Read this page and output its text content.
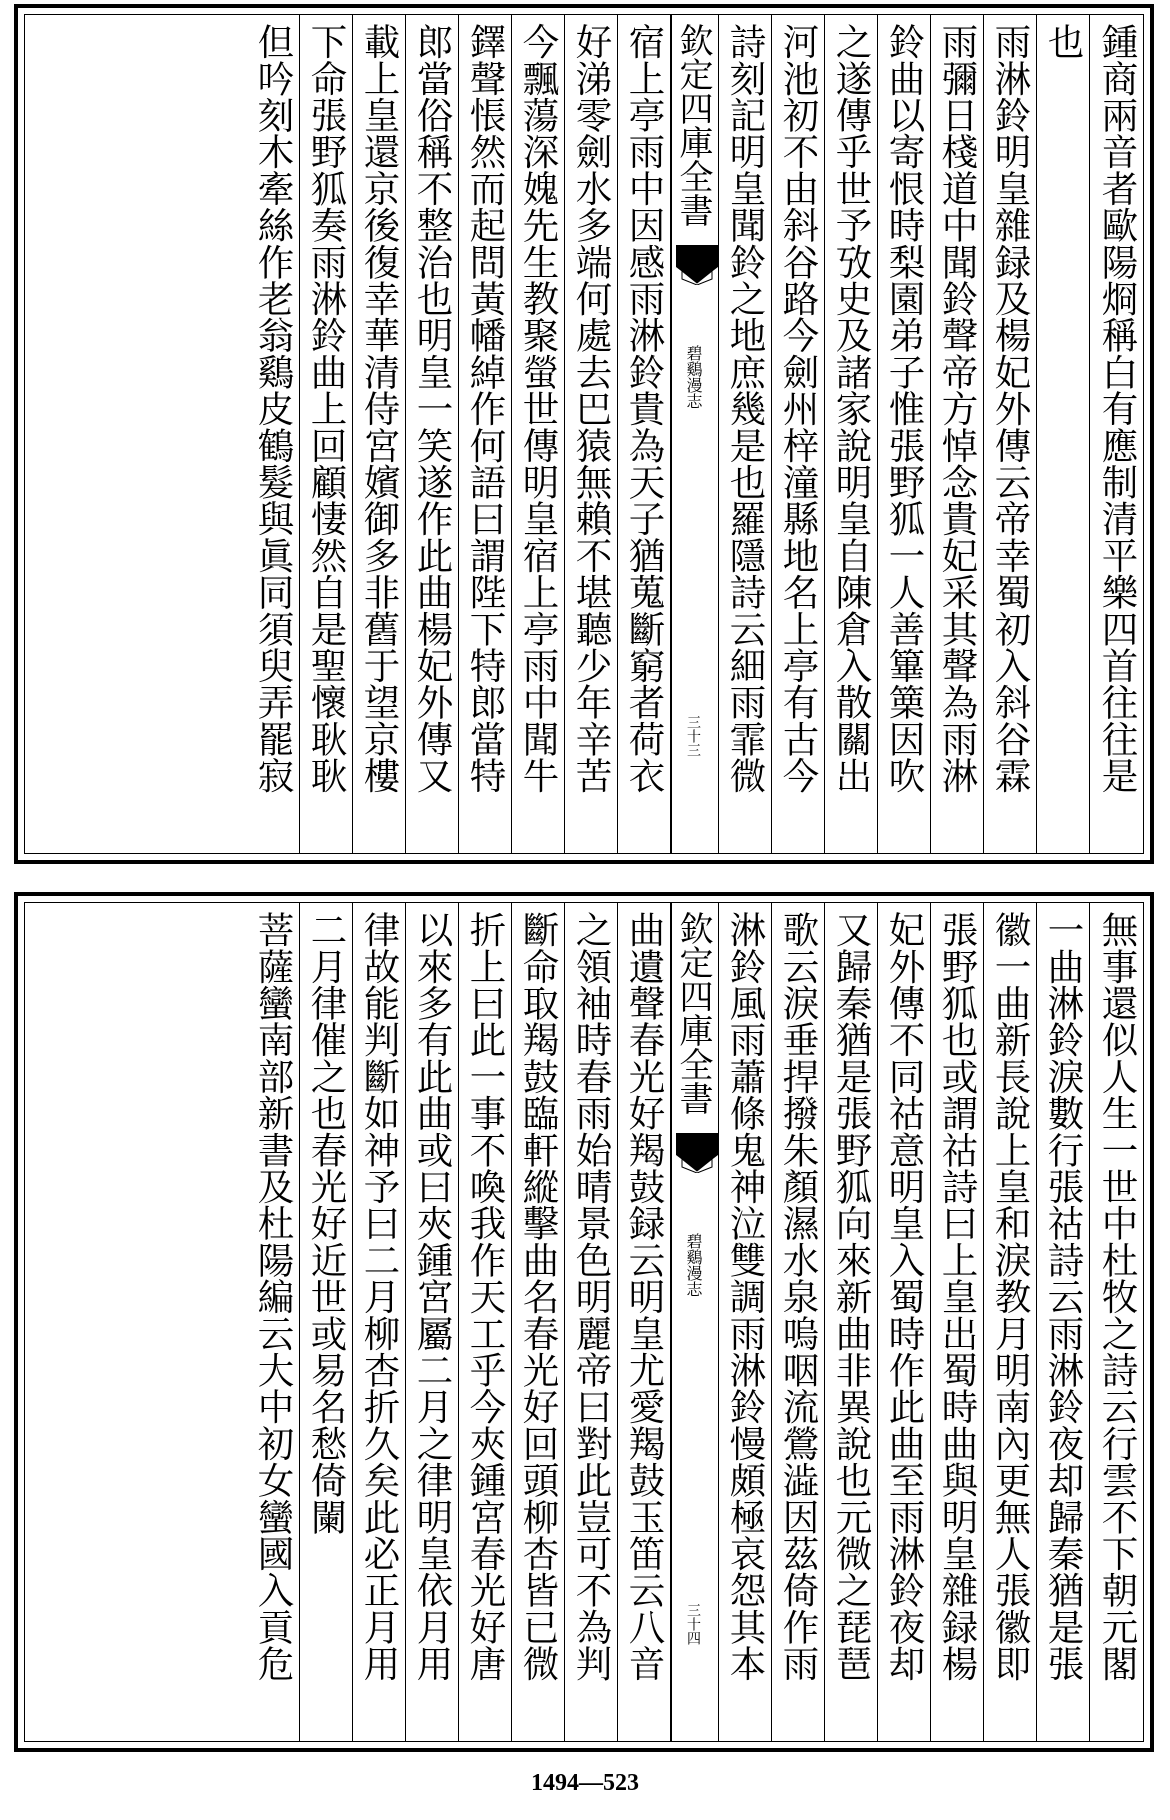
鍾商兩音者歐陽烱稱白有應制清平樂四首往往是
也
雨淋鈴明皇雜録及楊妃外傳云帝幸蜀初入斜谷霖
雨彌日棧道中聞鈴聲帝方悼念貴妃采其聲為雨淋
鈴曲以寄恨時梨園弟子惟張野狐一人善篳篥因吹
之遂傳乎世予攷史及諸家說明皇自陳倉入散關出
河池初不由斜谷路今劍州梓潼縣地名上亭有古今
詩刻記明皇聞鈴之地庶幾是也羅隱詩云細雨霏微
欽定四庫全書
碧鷄漫志
三十三
宿上亭雨中因感雨淋鈴貴為天子猶蒐斷窮者荷衣
好涕零劍水多端何處去巴猿無賴不堪聽少年辛苦
今飄蕩深媿先生教聚螢世傳明皇宿上亭雨中聞牛
鐸聲悵然而起問黃幡綽作何語曰謂陛下特郎當特
郎當俗稱不整治也明皇一笑遂作此曲楊妃外傳又
載上皇還京後復幸華清侍宮嬪御多非舊于望京樓
下命張野狐奏雨淋鈴曲上回顧悽然自是聖懷耿耿
但吟刻木牽絲作老翁鷄皮鶴髮與眞同須臾弄罷寂
無事還似人生一世中杜牧之詩云行雲不下朝元閣
一曲淋鈴淚數行張祜詩云雨淋鈴夜却歸秦猶是張
徽一曲新長說上皇和淚教月明南內更無人張徽即
張野狐也或謂祜詩曰上皇出蜀時曲與明皇雜録楊
妃外傳不同祜意明皇入蜀時作此曲至雨淋鈴夜却
又歸秦猶是張野狐向來新曲非異說也元微之琵琶
歌云淚垂捍撥朱顏濕水泉嗚咽流鶯澁因茲倚作雨
淋鈴風雨蕭條鬼神泣雙調雨淋鈴慢頗極哀怨其本
欽定四庫全書
碧鷄漫志
三十四
曲遺聲春光好羯鼓録云明皇尤愛羯鼓玉笛云八音
之領袖時春雨始晴景色明麗帝曰對此豈可不為判
斷命取羯鼓臨軒縱擊曲名春光好回頭柳杏皆已微
折上曰此一事不喚我作天工乎今夾鍾宮春光好唐
以來多有此曲或曰夾鍾宮屬二月之律明皇依月用
律故能判斷如神予曰二月柳杏折久矣此必正月用
二月律催之也春光好近世或易名愁倚闌
菩薩蠻南部新書及杜陽編云大中初女蠻國入貢危
1494—523
